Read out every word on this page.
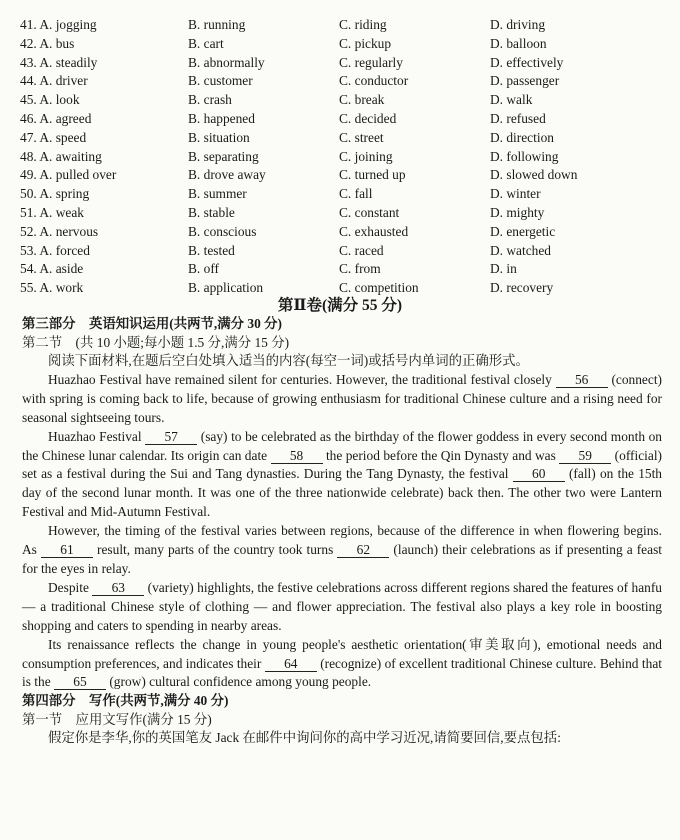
41. A. jogging	B. running	C. riding	D. driving
42. A. bus	B. cart	C. pickup	D. balloon
43. A. steadily	B. abnormally	C. regularly	D. effectively
44. A. driver	B. customer	C. conductor	D. passenger
45. A. look	B. crash	C. break	D. walk
46. A. agreed	B. happened	C. decided	D. refused
47. A. speed	B. situation	C. street	D. direction
48. A. awaiting	B. separating	C. joining	D. following
49. A. pulled over	B. drove away	C. turned up	D. slowed down
50. A. spring	B. summer	C. fall	D. winter
51. A. weak	B. stable	C. constant	D. mighty
52. A. nervous	B. conscious	C. exhausted	D. energetic
53. A. forced	B. tested	C. raced	D. watched
54. A. aside	B. off	C. from	D. in
55. A. work	B. application	C. competition	D. recovery
第Ⅱ卷(满分 55 分)
第三部分　英语知识运用(共两节,满分 30 分)
第二节　(共 10 小题;每小题 1.5 分,满分 15 分)

阅读下面材料,在题后空白处填入适当的内容(每空一词)或括号内单词的正确形式。

Huazhao Festival have remained silent for centuries. However, the traditional festival closely 56 (connect) with spring is coming back to life, because of growing enthusiasm for traditional Chinese culture and a rising need for seasonal sightseeing tours.

Huazhao Festival 57 (say) to be celebrated as the birthday of the flower goddess in every second month on the Chinese lunar calendar. Its origin can date 58 the period before the Qin Dynasty and was 59 (official) set as a festival during the Sui and Tang dynasties. During the Tang Dynasty, the festival 60 (fall) on the 15th day of the second lunar month. It was one of the three nationwide celebrate) back then. The other two were Lantern Festival and Mid-Autumn Festival.

However, the timing of the festival varies between regions, because of the difference in when flowering begins. As 61 result, many parts of the country took turns 62 (launch) their celebrations as if presenting a feast for the eyes in relay.

Despite 63 (variety) highlights, the festive celebrations across different regions shared the features of hanfu — a traditional Chinese style of clothing — and flower appreciation. The festival also plays a key role in boosting shopping and caters to spending in nearby areas.

Its renaissance reflects the change in young people's aesthetic orientation(审美取向), emotional needs and consumption preferences, and indicates their 64 (recognize) of excellent traditional Chinese culture. Behind that is the 65 (grow) cultural confidence among young people.

第四部分　写作(共两节,满分 40 分)
第一节　应用文写作(满分 15 分)

假定你是李华,你的英国笔友 Jack 在邮件中询问你的高中学习近况,请简要回信,要点包括:
